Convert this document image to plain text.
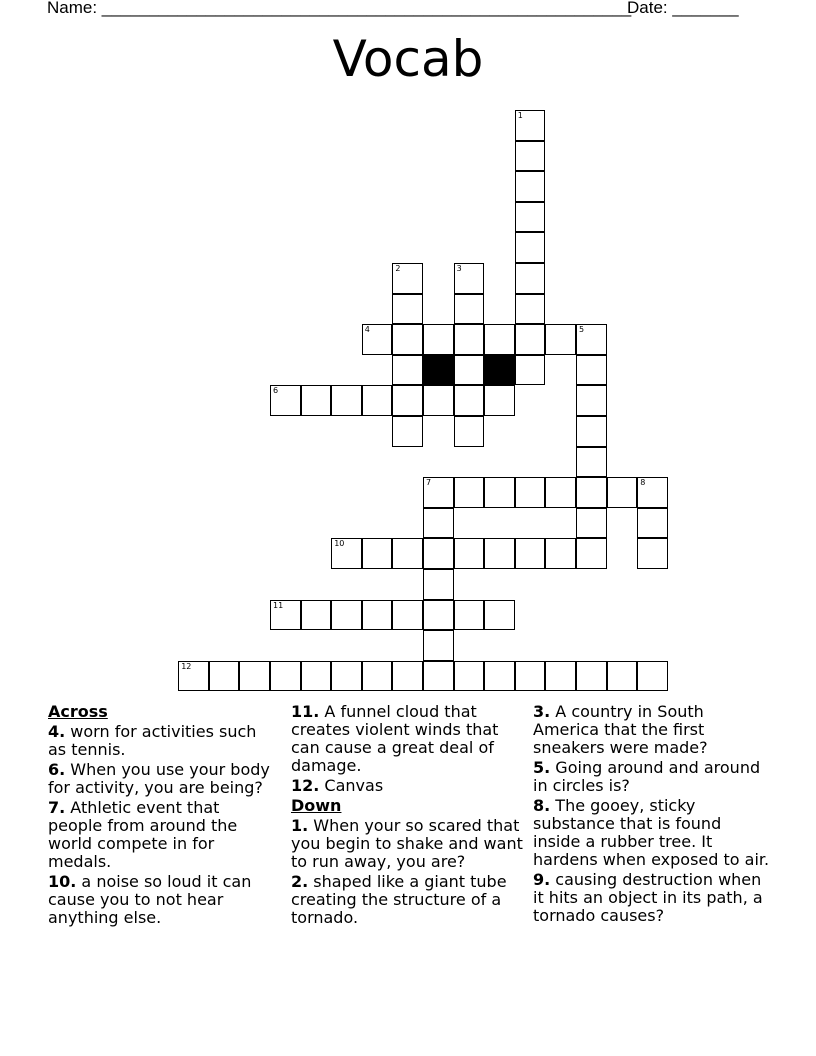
Name: ________________________________________________________
Date: _______
Vocab
1
2	3
4	5
6
7	8
10
11
12
Across
4. worn for activities such as tennis.
6. When you use your body for activity, you are being?
7. Athletic event that people from around the world compete in for medals.
10. a noise so loud it can cause you to not hear anything else.
11. A funnel cloud that creates violent winds that can cause a great deal of damage.
12. Canvas
Down
1. When your so scared that you begin to shake and want to run away, you are?
2. shaped like a giant tube creating the structure of a tornado.
3. A country in South America that the first sneakers were made?
5. Going around and around in circles is?
8. The gooey, sticky substance that is found inside a rubber tree. It hardens when exposed to air.
9. causing destruction when it hits an object in its path, a tornado causes?
